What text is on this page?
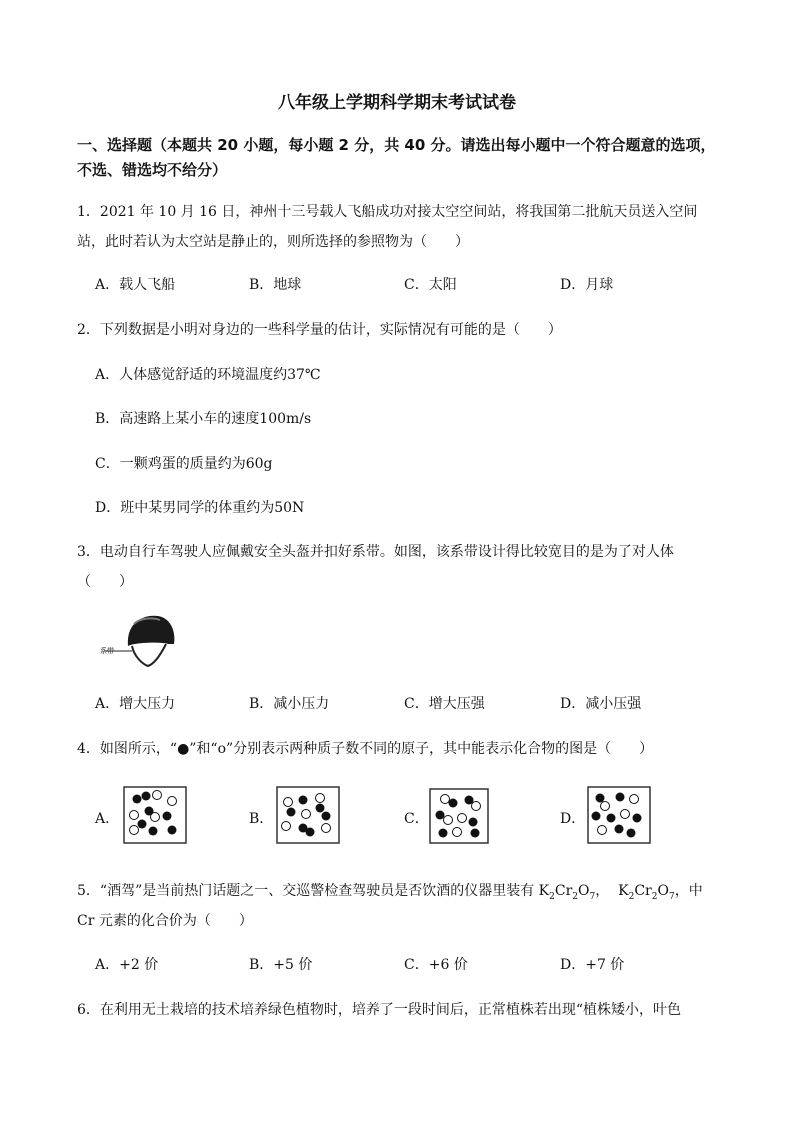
八年级上学期科学期末考试试卷
一、选择题（本题共 20 小题，每小题 2 分，共 40 分。请选出每小题中一个符合题意的选项，
不选、错选均不给分）
1．2021 年 10 月 16 日，神州十三号载人飞船成功对接太空空间站，将我国第二批航天员送入空间
站，此时若认为太空站是静止的，则所选择的参照物为（　　）
A．载人飞船	B．地球	C．太阳	D．月球
2．下列数据是小明对身边的一些科学量的估计，实际情况有可能的是（　　）
A．人体感觉舒适的环境温度约37℃
B．高速路上某小车的速度100m/s
C．一颗鸡蛋的质量约为60g
D．班中某男同学的体重约为50N
3．电动自行车驾驶人应佩戴安全头盔并扣好系带。如图，该系带设计得比较宽目的是为了对人体
（　　）
系带
A．增大压力	B．减小压力	C．增大压强	D．减小压强
4．如图所示，“●”和“o”分别表示两种质子数不同的原子，其中能表示化合物的图是（　　）
A．	B．	C．	D．
5．“酒驾”是当前热门话题之一、交巡警检查驾驶员是否饮酒的仪器里装有 $K_2Cr_2O_7$，  $K_2Cr_2O_7$，中
Cr 元素的化合价为（　　）
A．+2 价	B．+5 价	C．+6 价	D．+7 价
6．在利用无土栽培的技术培养绿色植物时，培养了一段时间后，正常植株若出现“植株矮小，叶色
